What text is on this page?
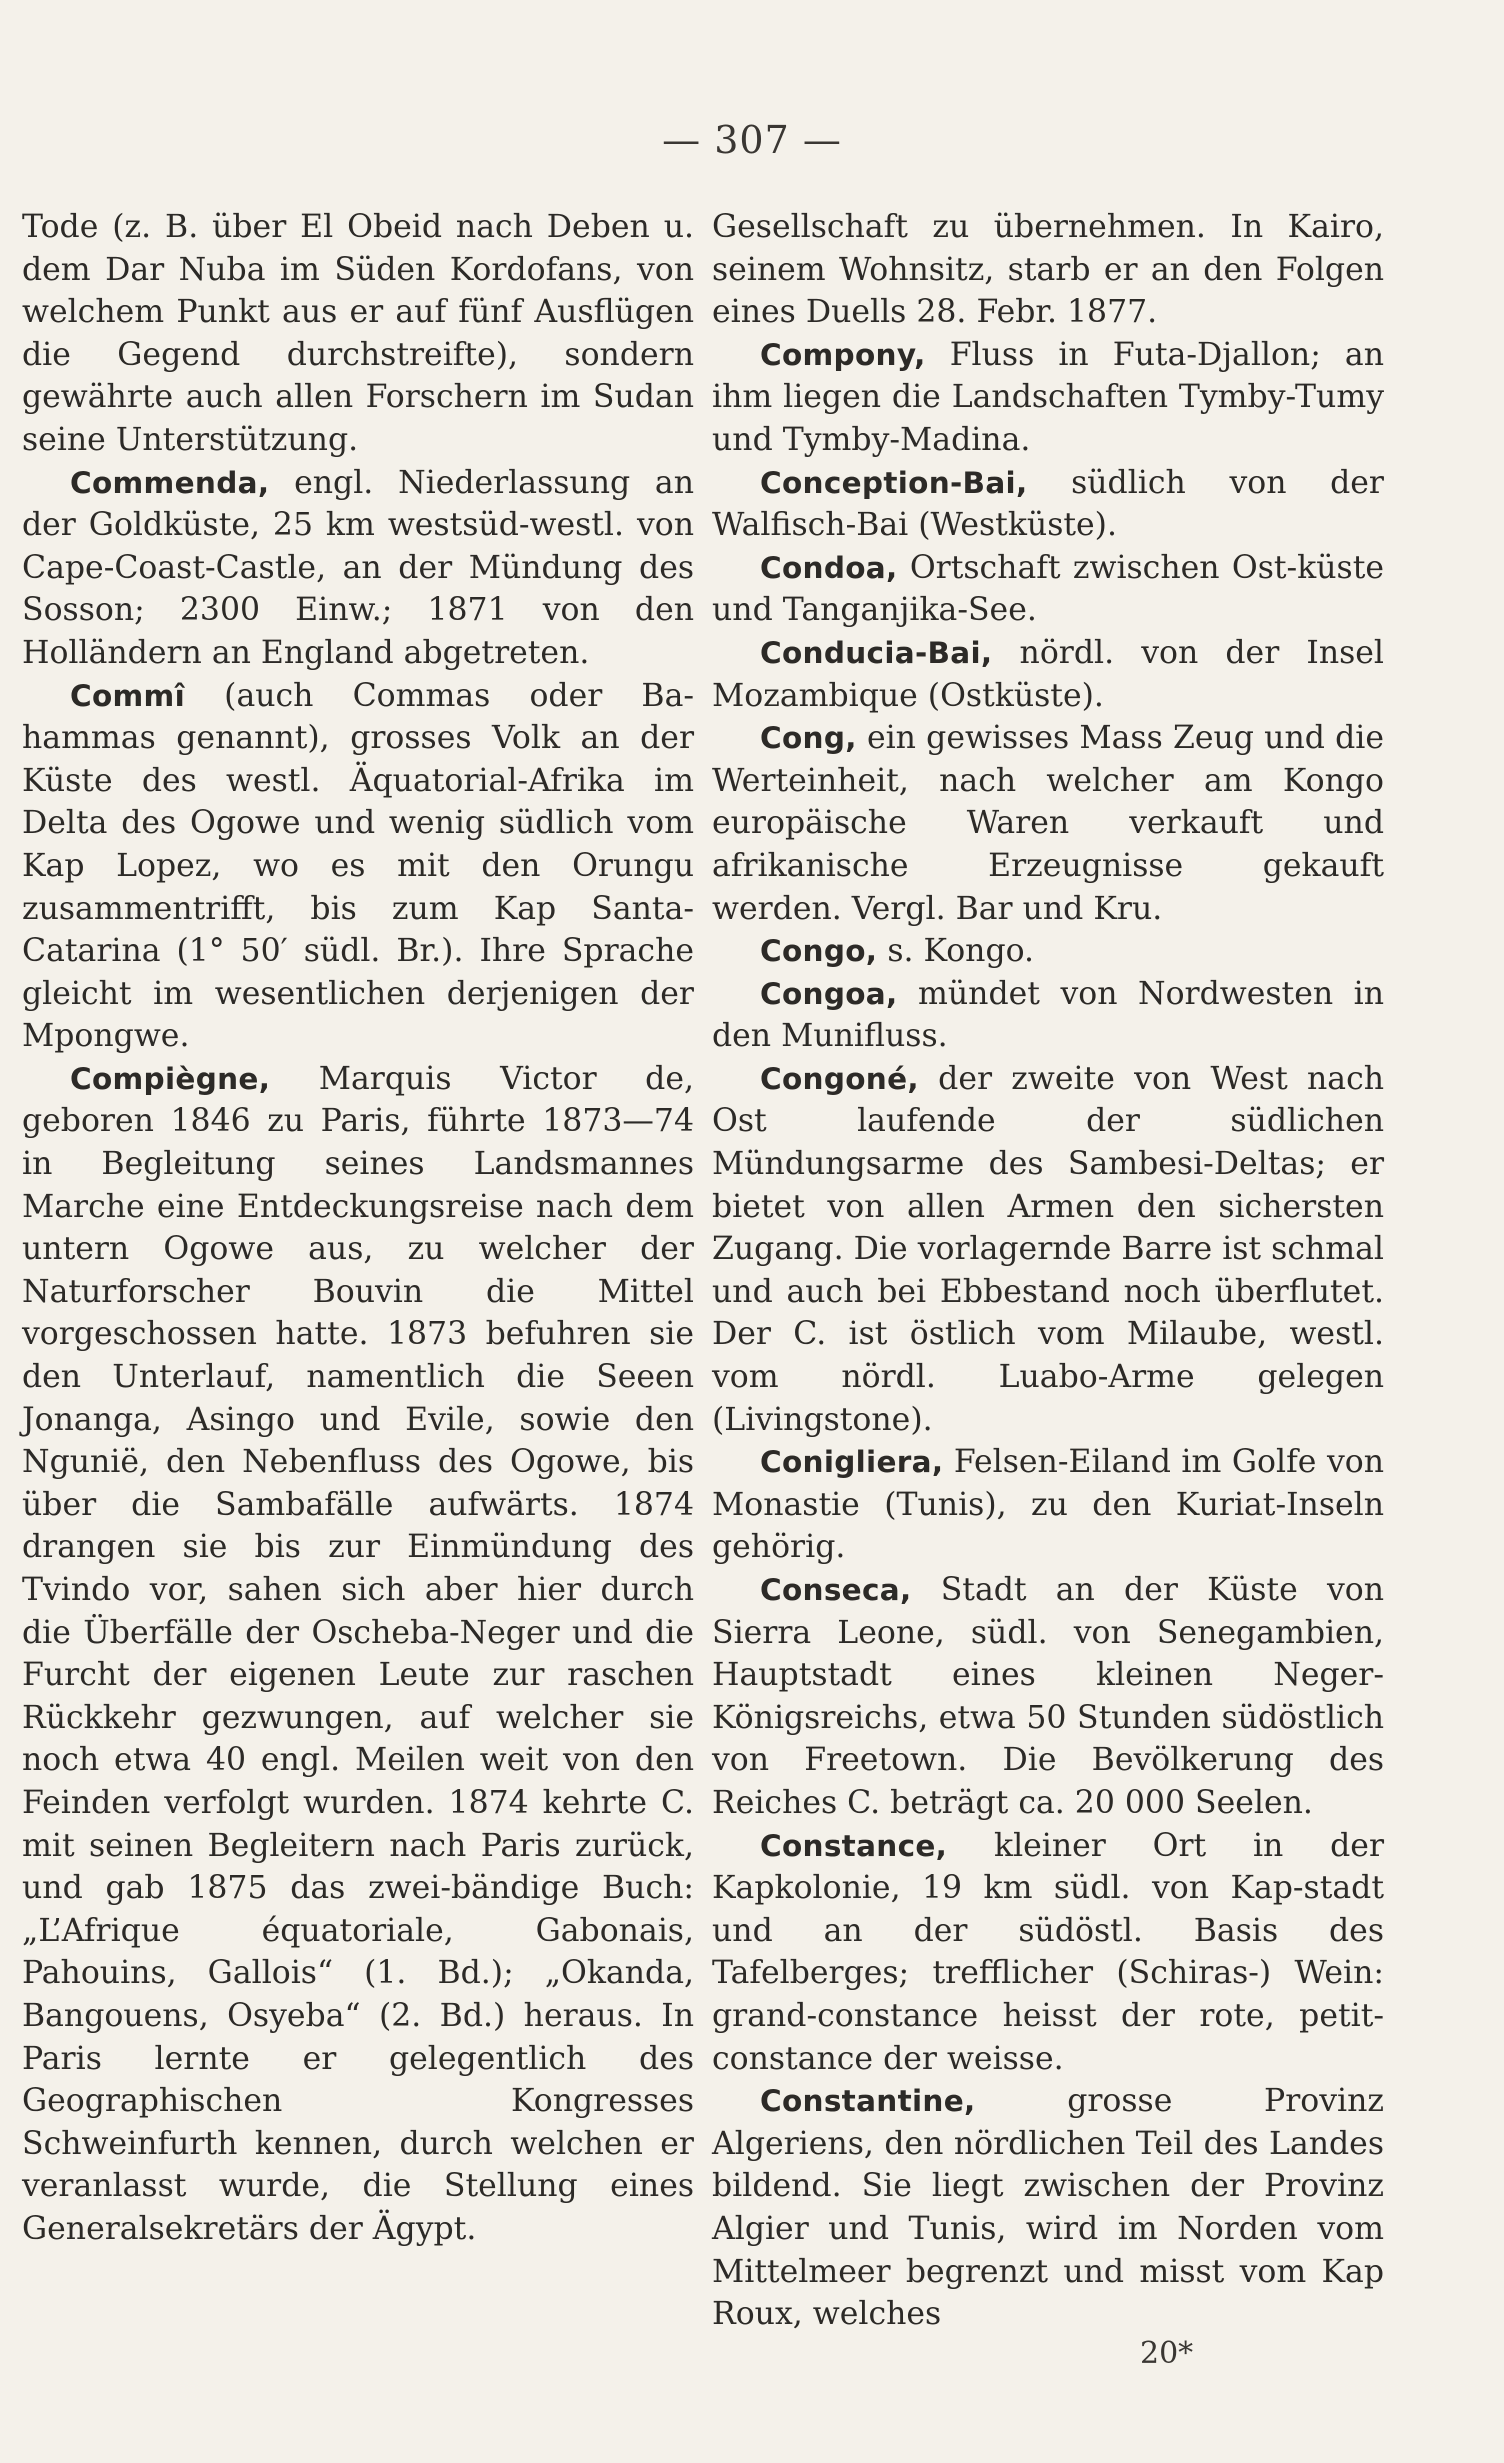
— 307 —

Tode (z. B. über El Obeid nach Deben u. dem Dar Nuba im Süden Kordofans, von welchem Punkt aus er auf fünf Ausflügen die Gegend durchstreifte), sondern gewährte auch allen Forschern im Sudan seine Unterstützung.

Commenda, engl. Niederlassung an der Goldküste, 25 km westsüd-westl. von Cape-Coast-Castle, an der Mündung des Sosson; 2300 Einw.; 1871 von den Holländern an England abgetreten.

Commî (auch Commas oder Ba-hammas genannt), grosses Volk an der Küste des westl. Äquatorial-Afrika im Delta des Ogowe und wenig südlich vom Kap Lopez, wo es mit den Orungu zusammentrifft, bis zum Kap Santa-Catarina (1° 50′ südl. Br.). Ihre Sprache gleicht im wesentlichen derjenigen der Mpongwe.

Compiègne, Marquis Victor de, geboren 1846 zu Paris, führte 1873—74 in Begleitung seines Landsmannes Marche eine Entdeckungsreise nach dem untern Ogowe aus, zu welcher der Naturforscher Bouvin die Mittel vorgeschossen hatte. 1873 befuhren sie den Unterlauf, namentlich die Seeen Jonanga, Asingo und Evile, sowie den Ngunië, den Nebenfluss des Ogowe, bis über die Sambafälle aufwärts. 1874 drangen sie bis zur Einmündung des Tvindo vor, sahen sich aber hier durch die Überfälle der Oscheba-Neger und die Furcht der eigenen Leute zur raschen Rückkehr gezwungen, auf welcher sie noch etwa 40 engl. Meilen weit von den Feinden verfolgt wurden. 1874 kehrte C. mit seinen Begleitern nach Paris zurück, und gab 1875 das zwei-bändige Buch: „L’Afrique équatoriale, Gabonais, Pahouins, Gallois“ (1. Bd.); „Okanda, Bangouens, Osyeba“ (2. Bd.) heraus. In Paris lernte er gelegentlich des Geographischen Kongresses Schweinfurth kennen, durch welchen er veranlasst wurde, die Stellung eines Generalsekretärs der Ägypt.

Gesellschaft zu übernehmen. In Kairo, seinem Wohnsitz, starb er an den Folgen eines Duells 28. Febr. 1877.

Compony, Fluss in Futa-Djallon; an ihm liegen die Landschaften Tymby-Tumy und Tymby-Madina.

Conception-Bai, südlich von der Walfisch-Bai (Westküste).

Condoa, Ortschaft zwischen Ost-küste und Tanganjika-See.

Conducia-Bai, nördl. von der Insel Mozambique (Ostküste).

Cong, ein gewisses Mass Zeug und die Werteinheit, nach welcher am Kongo europäische Waren verkauft und afrikanische Erzeugnisse gekauft werden. Vergl. Bar und Kru.

Congo, s. Kongo.

Congoa, mündet von Nordwesten in den Munifluss.

Congoné, der zweite von West nach Ost laufende der südlichen Mündungsarme des Sambesi-Deltas; er bietet von allen Armen den sichersten Zugang. Die vorlagernde Barre ist schmal und auch bei Ebbestand noch überflutet. Der C. ist östlich vom Milaube, westl. vom nördl. Luabo-Arme gelegen (Livingstone).

Conigliera, Felsen-Eiland im Golfe von Monastie (Tunis), zu den Kuriat-Inseln gehörig.

Conseca, Stadt an der Küste von Sierra Leone, südl. von Senegambien, Hauptstadt eines kleinen Neger-Königsreichs, etwa 50 Stunden südöstlich von Freetown. Die Bevölkerung des Reiches C. beträgt ca. 20 000 Seelen.

Constance, kleiner Ort in der Kapkolonie, 19 km südl. von Kap-stadt und an der südöstl. Basis des Tafelberges; trefflicher (Schiras-) Wein: grand-constance heisst der rote, petit-constance der weisse.

Constantine, grosse Provinz Algeriens, den nördlichen Teil des Landes bildend. Sie liegt zwischen der Provinz Algier und Tunis, wird im Norden vom Mittelmeer begrenzt und misst vom Kap Roux, welches

20*
